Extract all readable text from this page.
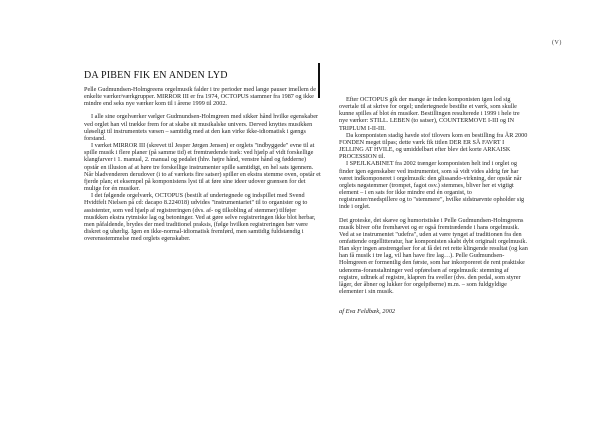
(V)
DA PIBEN FIK EN ANDEN LYD

Pelle Gudmundsen-Holmgreens orgelmusik falder i tre perioder med lange pauser imellem de enkelte værker/værkgrupper. MIRROR III er fra 1974, OCTOPUS stammer fra 1987 og ikke mindre end seks nye værker kom til i årene 1999 til 2002.

I alle sine orgelværker vælger Gudmundsen-Holmgreen med sikker hånd hvilke egenskaber ved orglet han vil trække frem for at skabe sit musikalske univers. Derved knyttes musikken uløseligt til instrumentets væsen – samtidig med at den kan virke ikke-idiomatisk i gængs forstand.

I værket MIRROR III (skrevet til Jesper Jørgen Jensen) er orglets "indbyggede" evne til at spille musik i flere planer (på samme tid) et fremtrædende træk: ved hjælp af vidt forskellige klangfarver i 1. manual, 2. manual og pedalet (hhv. højre hånd, venstre hånd og fødderne) opstår en illusion af at høre tre forskellige instrumenter spille samtidigt, en hel sats igennem. Når bladvenderen derudover (i to af værkets fire satser) spiller en ekstra stemme oven, opstår et fjerde plan; et eksempel på komponistens lyst til at føre sine ideer udover grænsen for det mulige for én musiker.

I det følgende orgelværk, OCTOPUS (bestilt af undertegnede og indspillet med Svend Hvidtfelt Nielsen på cd: dacapo 8.224018) udvides "instrumentariet" til to organister og to assistenter, som ved hjælp af registreringen (dvs. af- og tilkobling af stemmer) tilføjer musikken ekstra rytmiske lag og betoninger. Ved at gøre selve registreringen ikke blot herbar, men påfaldende, brydes der med traditionel praksis, (følge hvilken registreringen bør være diskret og uhørlig. Igen en ikke-normal-idiomatisk fremførd, men samtidig fuldstændig i overensstemmelse med orglets egenskaber.

Efter OCTOPUS gik der mange år inden komponisten igen lod sig overtale til at skrive for orgel; undertegnede bestilte et værk, som skulle kunne spilles af blot én musiker. Bestillingen resulterede i 1999 i hele tre nye værker: STILL. LEBEN (to satser), COUNTERMOVE I-III og IN TRIPLUM I-II-III.

Da komponisten stadig havde stof tilovers kom en bestilling fra ÅR 2000 FONDEN meget tilpas; dette værk fik titlen DER ER SÅ FAVRT I JELLING AT HVILE, og umiddelbart efter blev det korte ARKAISK PROCESSION til.

I SPEJLKABINET fra 2002 trænger komponisten helt ind i orglet og finder igen egenskaber ved instrumentet, som så vidt vides aldrig før har været indkomponeret i orgelmusik: den glissando-virkning, der opstår når orglets nøgstemmer (trompet, fagot osv.) stemmes, bliver her et vigtigt element – i en sats for ikke mindre end én organist, to registranter/medspillere og to "stemmere", hvilke sidstnævnte opholder sig inde i orglet.

Det groteske, det skæve og humoristiske i Pelle Gudmundsen-Holmgreens musik bliver ofte fremhævet og er også fremtrædende i hans orgelmusik. Ved at se instrumentet "udefra", uden at være tynget af traditionen fra den omfattende orgellitteratur, har komponisten skabt dybt originalt orgelmusik. Han skyr ingen anstrengelser for at få det ret rette klingende resultat (og kan han få musik i tre lag, vil han have fire lag…). Pelle Gudmundsen-Holmgreen er formentlig den første, som har inkorporeret de rent praktiske udenoms-foranstaltninger ved opførelsen af orgelmusik: stemning af registre, udtræk af registre, klapren fra sveller (dvs. den pedal, som styrer låger, der åbner og lukker for orgelpiberne) m.m. – som fuldgyldige elementer i sin musik.

af Eva Feldbæk, 2002
